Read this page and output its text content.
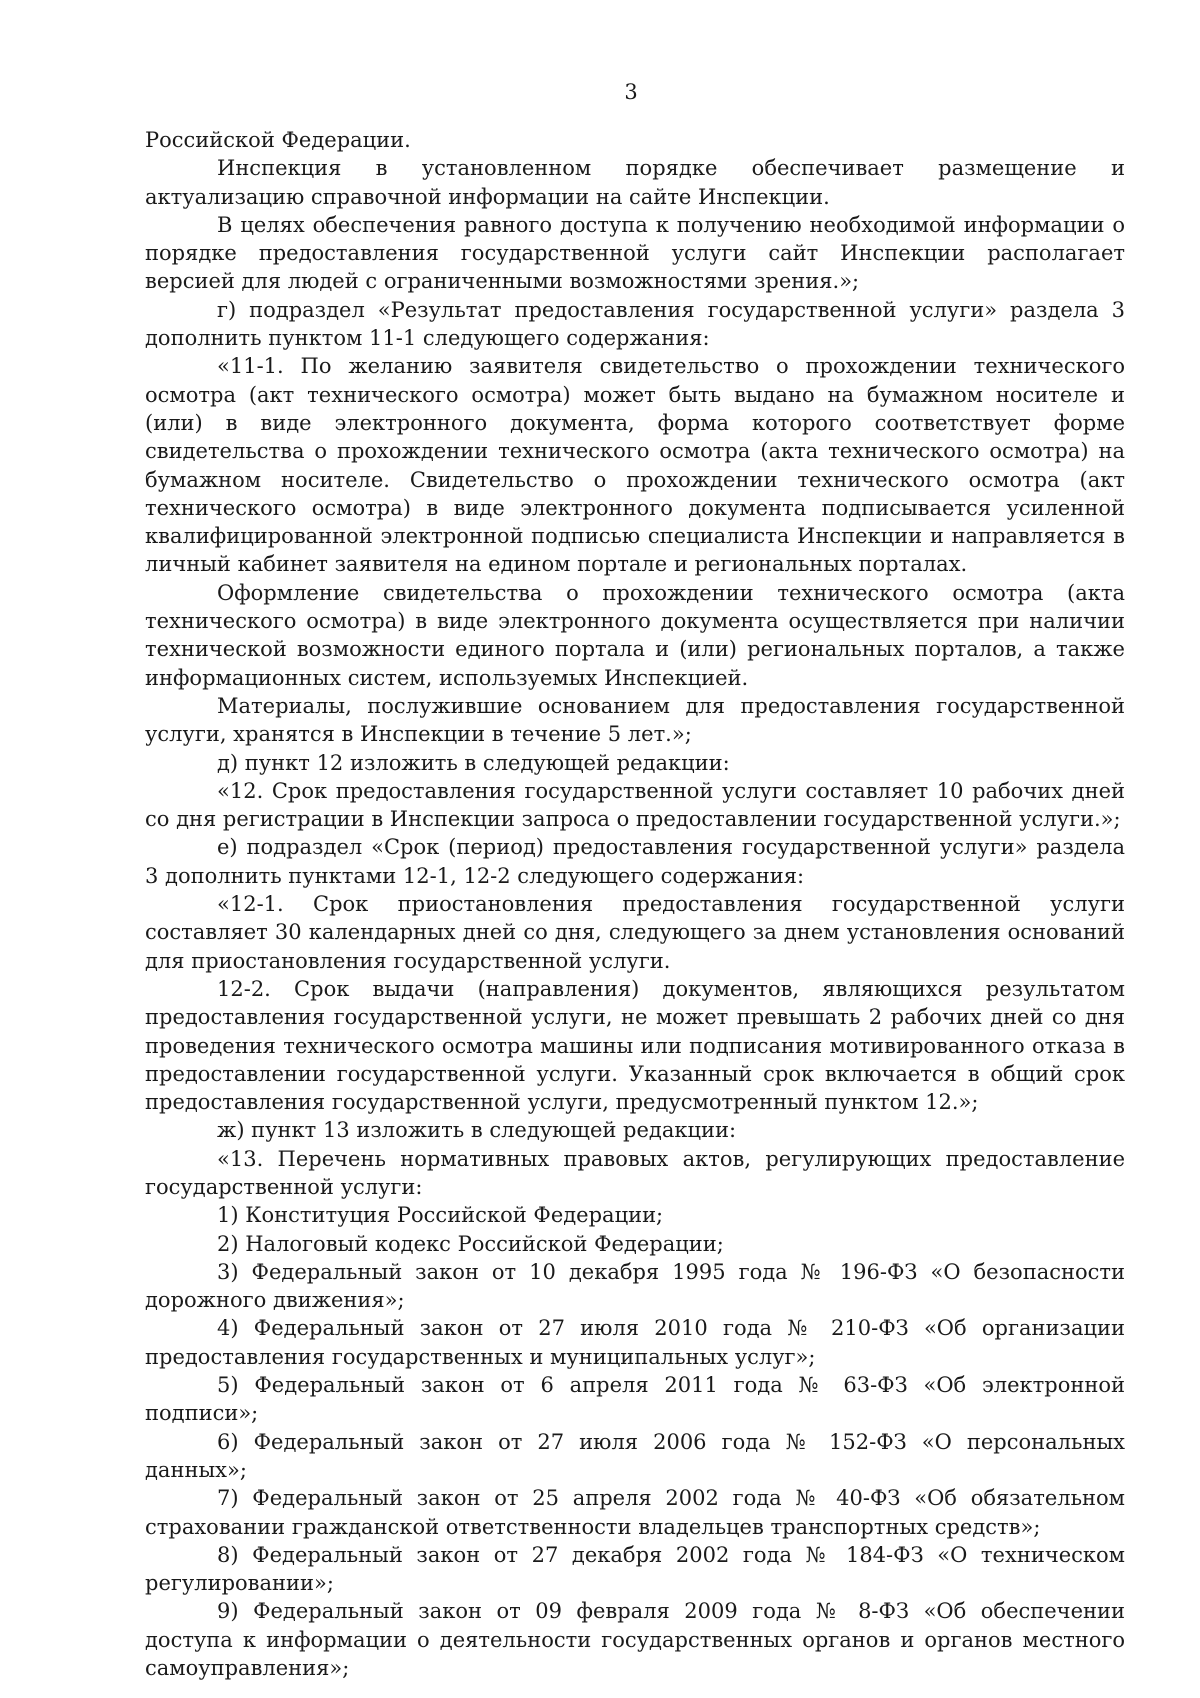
3

Российской Федерации.

Инспекция в установленном порядке обеспечивает размещение и актуализацию справочной информации на сайте Инспекции.

В целях обеспечения равного доступа к получению необходимой информации о порядке предоставления государственной услуги сайт Инспекции располагает версией для людей с ограниченными возможностями зрения.»;

г) подраздел «Результат предоставления государственной услуги» раздела 3 дополнить пунктом 11-1 следующего содержания:

«11-1. По желанию заявителя свидетельство о прохождении технического осмотра (акт технического осмотра) может быть выдано на бумажном носителе и (или) в виде электронного документа, форма которого соответствует форме свидетельства о прохождении технического осмотра (акта технического осмотра) на бумажном носителе. Свидетельство о прохождении технического осмотра (акт технического осмотра) в виде электронного документа подписывается усиленной квалифицированной электронной подписью специалиста Инспекции и направляется в личный кабинет заявителя на едином портале и региональных порталах.

Оформление свидетельства о прохождении технического осмотра (акта технического осмотра) в виде электронного документа осуществляется при наличии технической возможности единого портала и (или) региональных порталов, а также информационных систем, используемых Инспекцией.

Материалы, послужившие основанием для предоставления государственной услуги, хранятся в Инспекции в течение 5 лет.»;

д) пункт 12 изложить в следующей редакции:

«12. Срок предоставления государственной услуги составляет 10 рабочих дней со дня регистрации в Инспекции запроса о предоставлении государственной услуги.»;

е) подраздел «Срок (период) предоставления государственной услуги» раздела 3 дополнить пунктами 12-1, 12-2 следующего содержания:

«12-1. Срок приостановления предоставления государственной услуги составляет 30 календарных дней со дня, следующего за днем установления оснований для приостановления государственной услуги.

12-2. Срок выдачи (направления) документов, являющихся результатом предоставления государственной услуги, не может превышать 2 рабочих дней со дня проведения технического осмотра машины или подписания мотивированного отказа в предоставлении государственной услуги. Указанный срок включается в общий срок предоставления государственной услуги, предусмотренный пунктом 12.»;

ж) пункт 13 изложить в следующей редакции:

«13. Перечень нормативных правовых актов, регулирующих предоставление государственной услуги:

1) Конституция Российской Федерации;

2) Налоговый кодекс Российской Федерации;

3) Федеральный закон от 10 декабря 1995 года № 196-ФЗ «О безопасности дорожного движения»;

4) Федеральный закон от 27 июля 2010 года № 210-ФЗ «Об организации предоставления государственных и муниципальных услуг»;

5) Федеральный закон от 6 апреля 2011 года № 63-ФЗ «Об электронной подписи»;

6) Федеральный закон от 27 июля 2006 года № 152-ФЗ «О персональных данных»;

7) Федеральный закон от 25 апреля 2002 года № 40-ФЗ «Об обязательном страховании гражданской ответственности владельцев транспортных средств»;

8) Федеральный закон от 27 декабря 2002 года № 184-ФЗ «О техническом регулировании»;

9) Федеральный закон от 09 февраля 2009 года № 8-ФЗ «Об обеспечении доступа к информации о деятельности государственных органов и органов местного самоуправления»;
